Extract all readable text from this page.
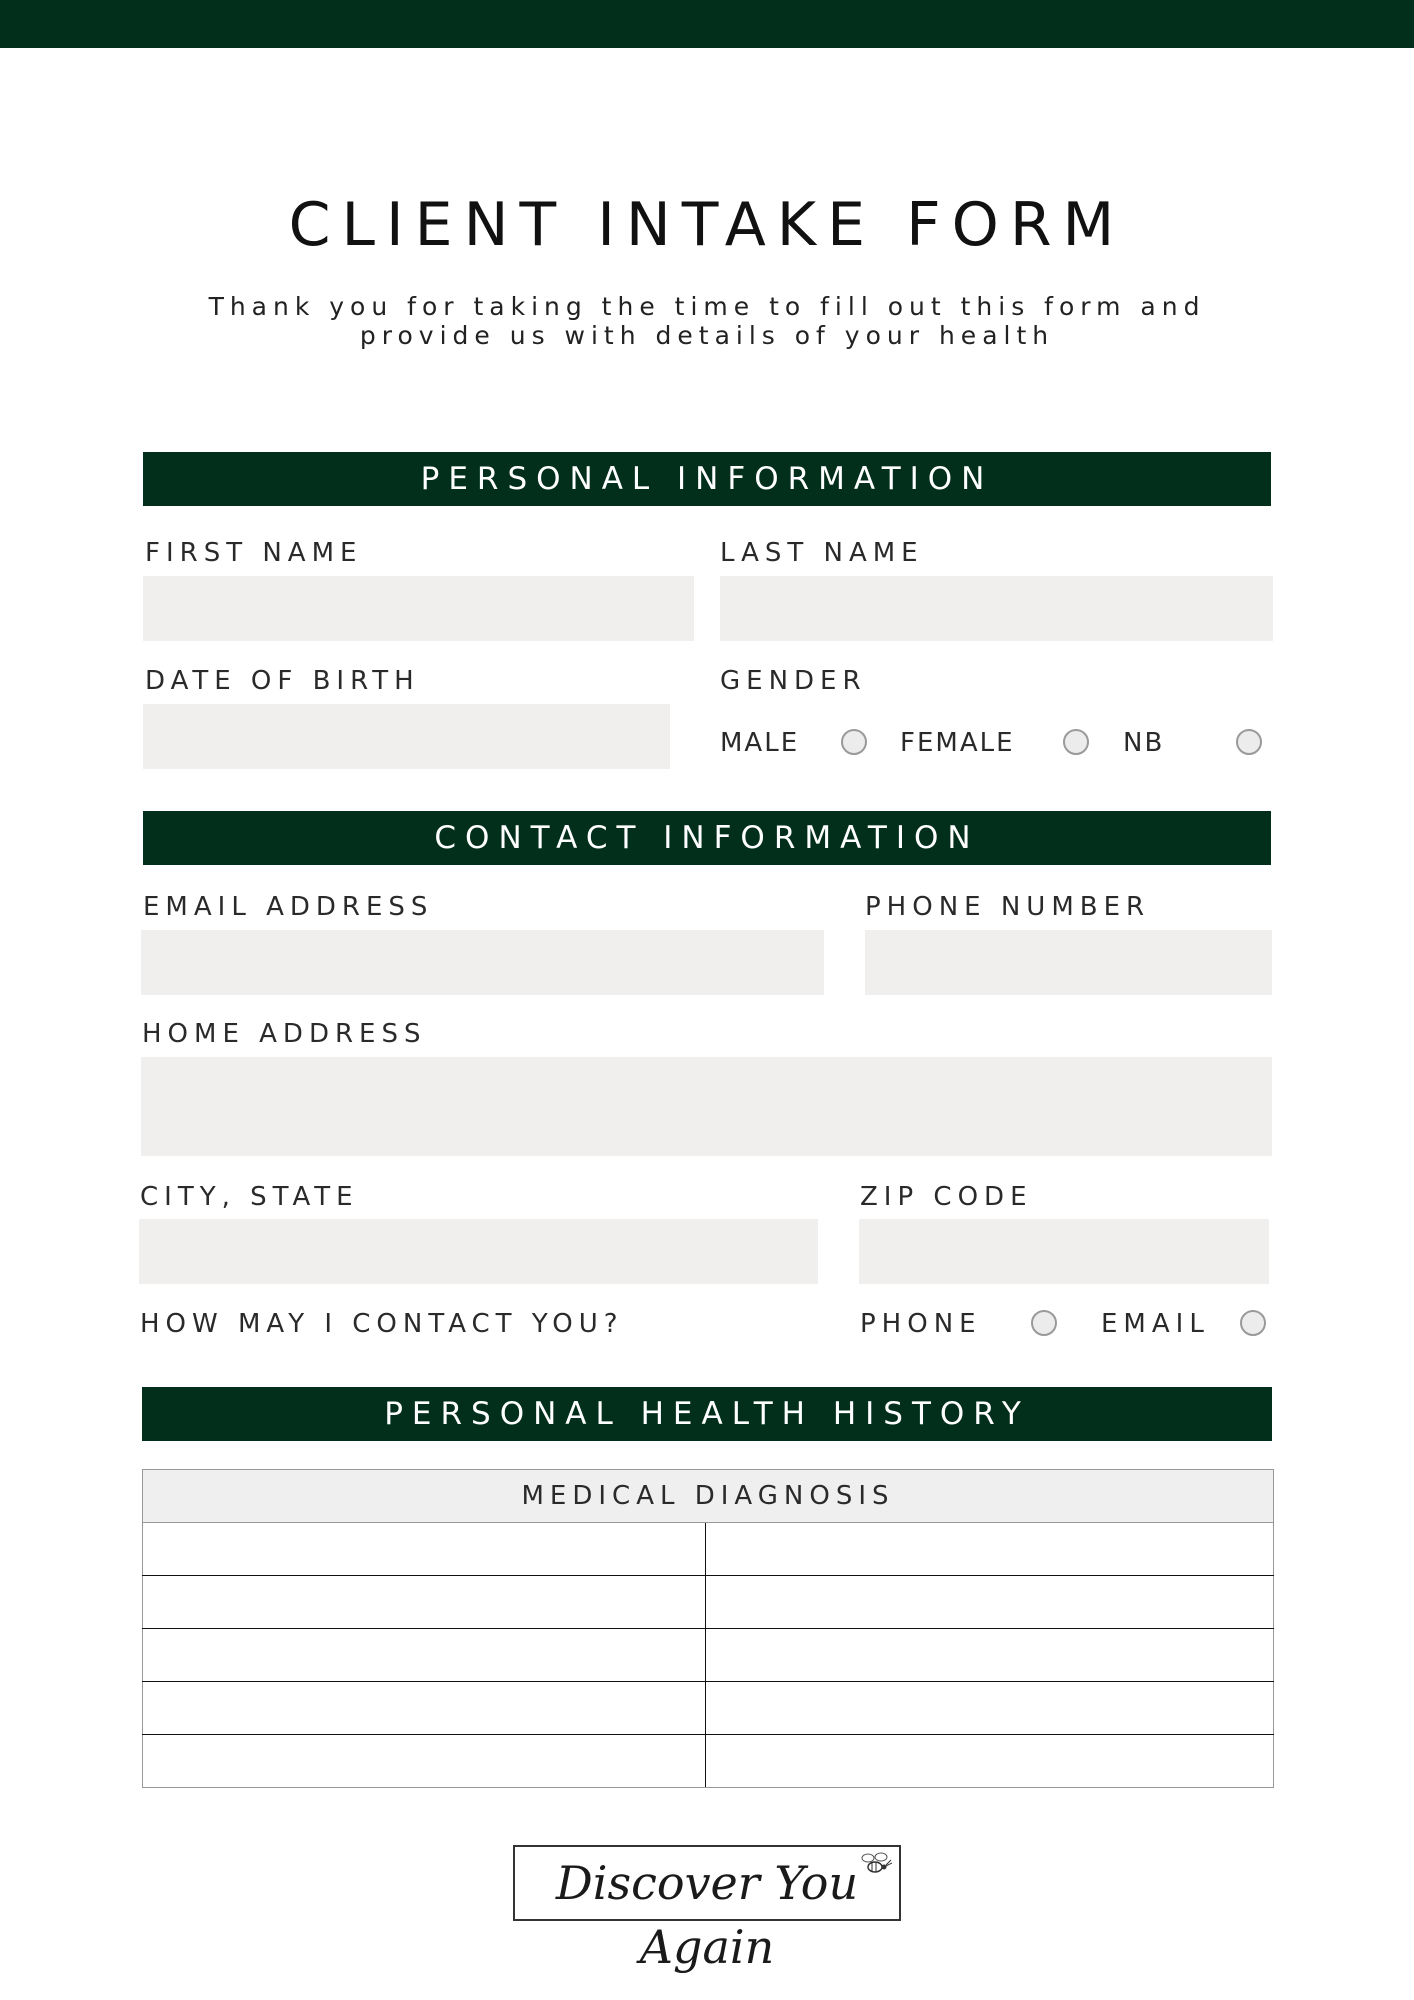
CLIENT INTAKE FORM
Thank you for taking the time to fill out this form and
provide us with details of your health
PERSONAL INFORMATION
FIRST NAME	LAST NAME
DATE OF BIRTH	GENDER
MALE	FEMALE	NB
CONTACT INFORMATION
EMAIL ADDRESS	PHONE NUMBER
HOME ADDRESS
CITY, STATE	ZIP CODE
HOW MAY I CONTACT YOU?	PHONE	EMAIL
PERSONAL HEALTH HISTORY
MEDICAL DIAGNOSIS	

Discover You Again
